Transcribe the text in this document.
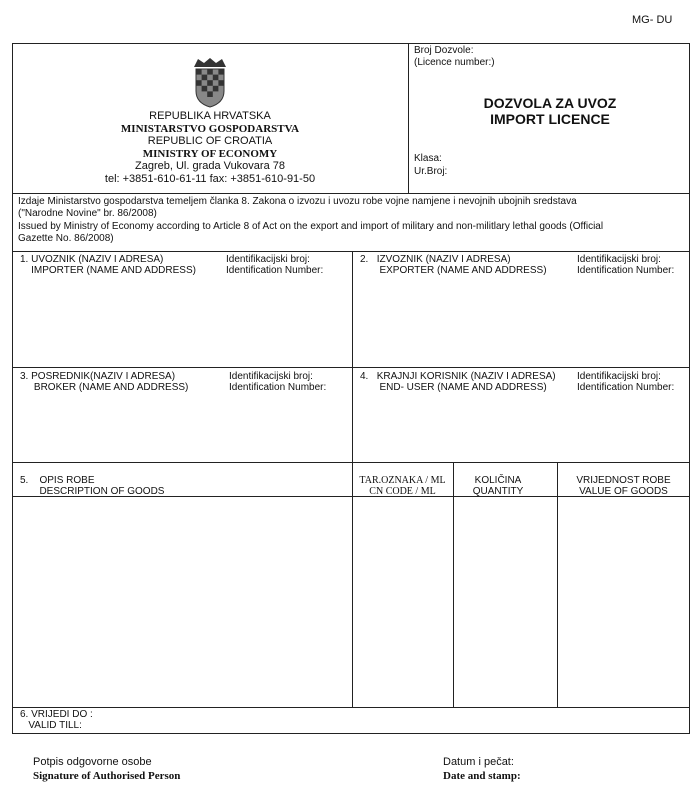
MG- DU
REPUBLIKA HRVATSKA
MINISTARSTVO GOSPODARSTVA
REPUBLIC OF CROATIA
MINISTRY OF ECONOMY
Zagreb, Ul. grada Vukovara 78
tel: +3851-610-61-11 fax: +3851-610-91-50
Broj Dozvole:
(Licence number:)
DOZVOLA ZA UVOZ
IMPORT LICENCE
Klasa:
Ur.Broj:
Izdaje Ministarstvo gospodarstva temeljem članka 8. Zakona o izvozu i uvozu robe vojne namjene i nevojnih ubojnih sredstava
("Narodne Novine" br. 86/2008)
Issued by Ministry of Economy according to Article 8 of Act on the export and import of military and non-militlary lethal goods (Official
Gazette No. 86/2008)
1. UVOZNIK (NAZIV I ADRESA)
IMPORTER (NAME AND ADDRESS)
Identifikacijski broj:
Identification Number:
2. IZVOZNIK (NAZIV I ADRESA)
EXPORTER (NAME AND ADDRESS)
Identifikacijski broj:
Identification Number:
3. POSREDNIK(NAZIV I ADRESA)
BROKER (NAME AND ADDRESS)
Identifikacijski broj:
Identification Number:
4. KRAJNJI KORISNIK (NAZIV I ADRESA)
END- USER (NAME AND ADDRESS)
Identifikacijski broj:
Identification Number:
5. OPIS ROBE
DESCRIPTION OF GOODS
TAR.OZNAKA / ML
CN CODE / ML
KOLIČINA
QUANTITY
VRIJEDNOST ROBE
VALUE OF GOODS
6. VRIJEDI DO :
VALID TILL:
Potpis odgovorne osobe
Signature of Authorised Person
Datum i pečat:
Date and stamp:
